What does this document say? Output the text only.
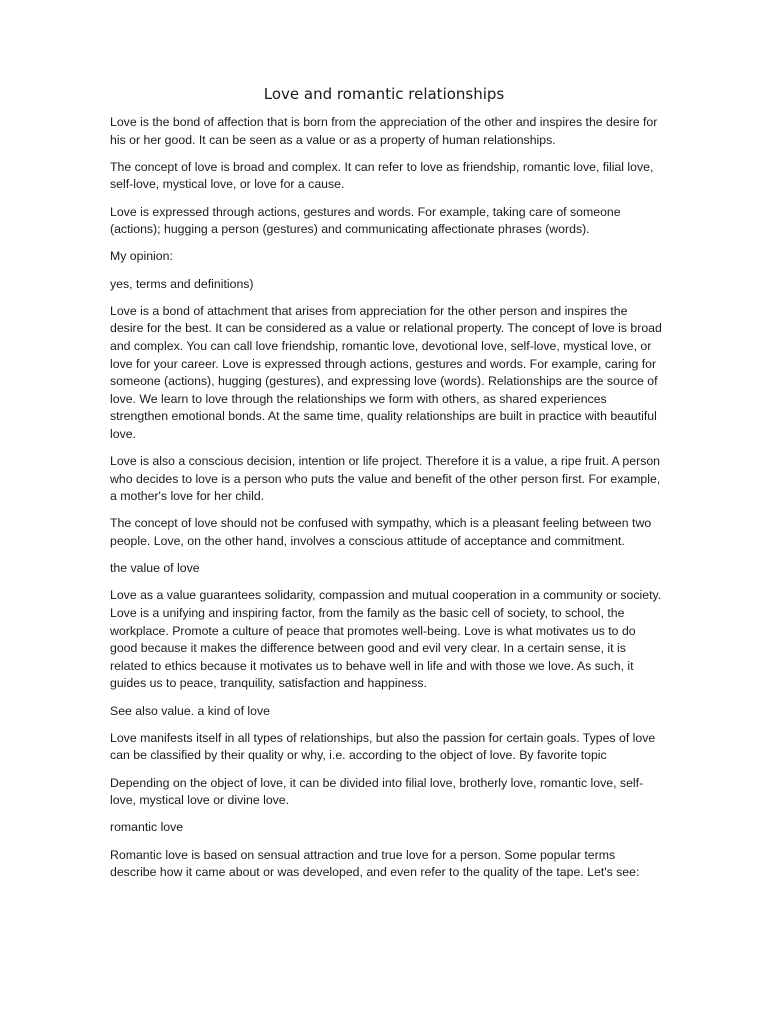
Love and romantic relationships

Love is the bond of affection that is born from the appreciation of the other and inspires the desire for his or her good. It can be seen as a value or as a property of human relationships.

The concept of love is broad and complex. It can refer to love as friendship, romantic love, filial love, self-love, mystical love, or love for a cause.

Love is expressed through actions, gestures and words. For example, taking care of someone (actions); hugging a person (gestures) and communicating affectionate phrases (words).

My opinion:

yes, terms and definitions)

Love is a bond of attachment that arises from appreciation for the other person and inspires the desire for the best. It can be considered as a value or relational property. The concept of love is broad and complex. You can call love friendship, romantic love, devotional love, self-love, mystical love, or love for your career. Love is expressed through actions, gestures and words. For example, caring for someone (actions), hugging (gestures), and expressing love (words). Relationships are the source of love. We learn to love through the relationships we form with others, as shared experiences strengthen emotional bonds. At the same time, quality relationships are built in practice with beautiful love.

Love is also a conscious decision, intention or life project. Therefore it is a value, a ripe fruit. A person who decides to love is a person who puts the value and benefit of the other person first. For example, a mother's love for her child.

The concept of love should not be confused with sympathy, which is a pleasant feeling between two people. Love, on the other hand, involves a conscious attitude of acceptance and commitment.

the value of love

Love as a value guarantees solidarity, compassion and mutual cooperation in a community or society. Love is a unifying and inspiring factor, from the family as the basic cell of society, to school, the workplace. Promote a culture of peace that promotes well-being. Love is what motivates us to do good because it makes the difference between good and evil very clear. In a certain sense, it is related to ethics because it motivates us to behave well in life and with those we love. As such, it guides us to peace, tranquility, satisfaction and happiness.

See also value. a kind of love

Love manifests itself in all types of relationships, but also the passion for certain goals. Types of love can be classified by their quality or why, i.e. according to the object of love. By favorite topic

Depending on the object of love, it can be divided into filial love, brotherly love, romantic love, self-love, mystical love or divine love.

romantic love

Romantic love is based on sensual attraction and true love for a person. Some popular terms describe how it came about or was developed, and even refer to the quality of the tape. Let's see:
